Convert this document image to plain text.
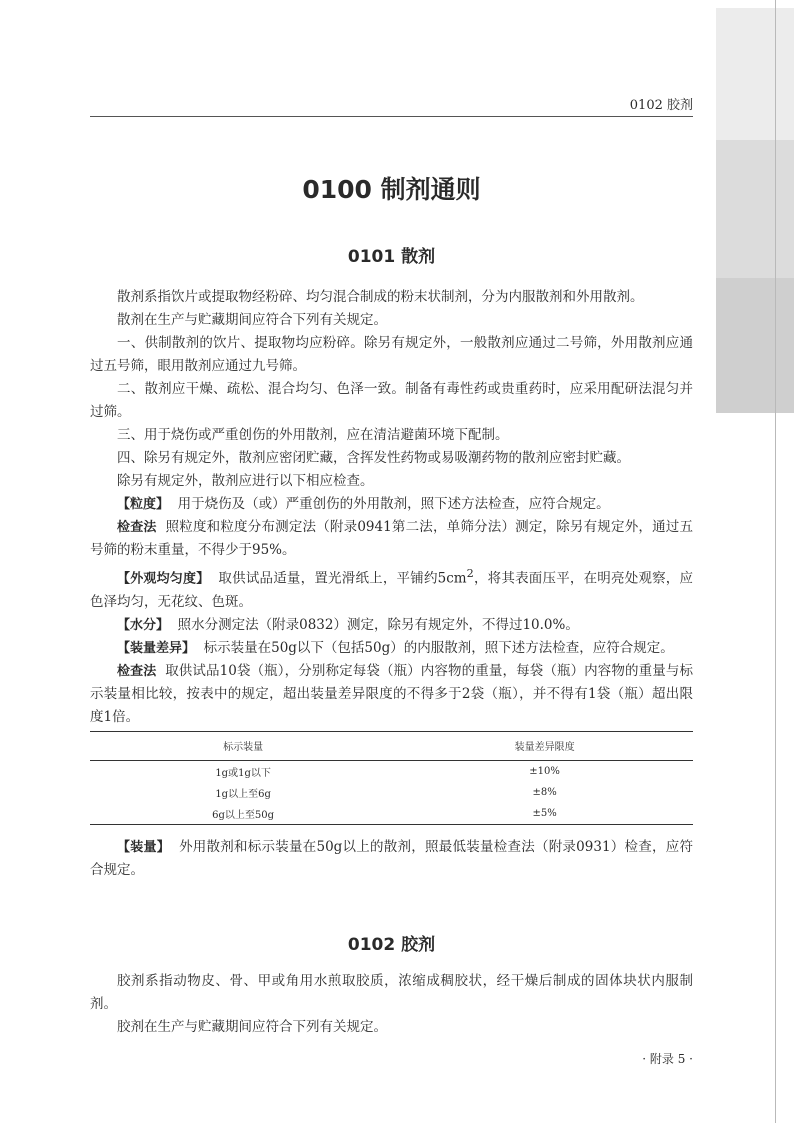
0102 胶剂
0100 制剂通则
0101 散剂

散剂系指饮片或提取物经粉碎、均匀混合制成的粉末状制剂，分为内服散剂和外用散剂。

散剂在生产与贮藏期间应符合下列有关规定。

一、供制散剂的饮片、提取物均应粉碎。除另有规定外，一般散剂应通过二号筛，外用散剂应通过五号筛，眼用散剂应通过九号筛。

二、散剂应干燥、疏松、混合均匀、色泽一致。制备有毒性药或贵重药时，应采用配研法混匀并过筛。

三、用于烧伤或严重创伤的外用散剂，应在清洁避菌环境下配制。

四、除另有规定外，散剂应密闭贮藏，含挥发性药物或易吸潮药物的散剂应密封贮藏。

除另有规定外，散剂应进行以下相应检查。

【粒度】 用于烧伤及（或）严重创伤的外用散剂，照下述方法检查，应符合规定。

检查法 照粒度和粒度分布测定法（附录0941第二法，单筛分法）测定，除另有规定外，通过五号筛的粉末重量，不得少于95%。

【外观均匀度】 取供试品适量，置光滑纸上，平铺约$5cm^2$，将其表面压平，在明亮处观察，应色泽均匀，无花纹、色斑。

【水分】 照水分测定法（附录0832）测定，除另有规定外，不得过10.0%。

【装量差异】 标示装量在50g以下（包括50g）的内服散剂，照下述方法检查，应符合规定。

检查法 取供试品10袋（瓶），分别称定每袋（瓶）内容物的重量，每袋（瓶）内容物的重量与标示装量相比较，按表中的规定，超出装量差异限度的不得多于2袋（瓶），并不得有1袋（瓶）超出限度1倍。

标示装量	装量差异限度
1g或1g以下	±10%
1g以上至6g	±8%
6g以上至50g	±5%

【装量】 外用散剂和标示装量在50g以上的散剂，照最低装量检查法（附录0931）检查，应符合规定。

0102 胶剂

胶剂系指动物皮、骨、甲或角用水煎取胶质，浓缩成稠胶状，经干燥后制成的固体块状内服制剂。

胶剂在生产与贮藏期间应符合下列有关规定。

· 附录 5 ·
